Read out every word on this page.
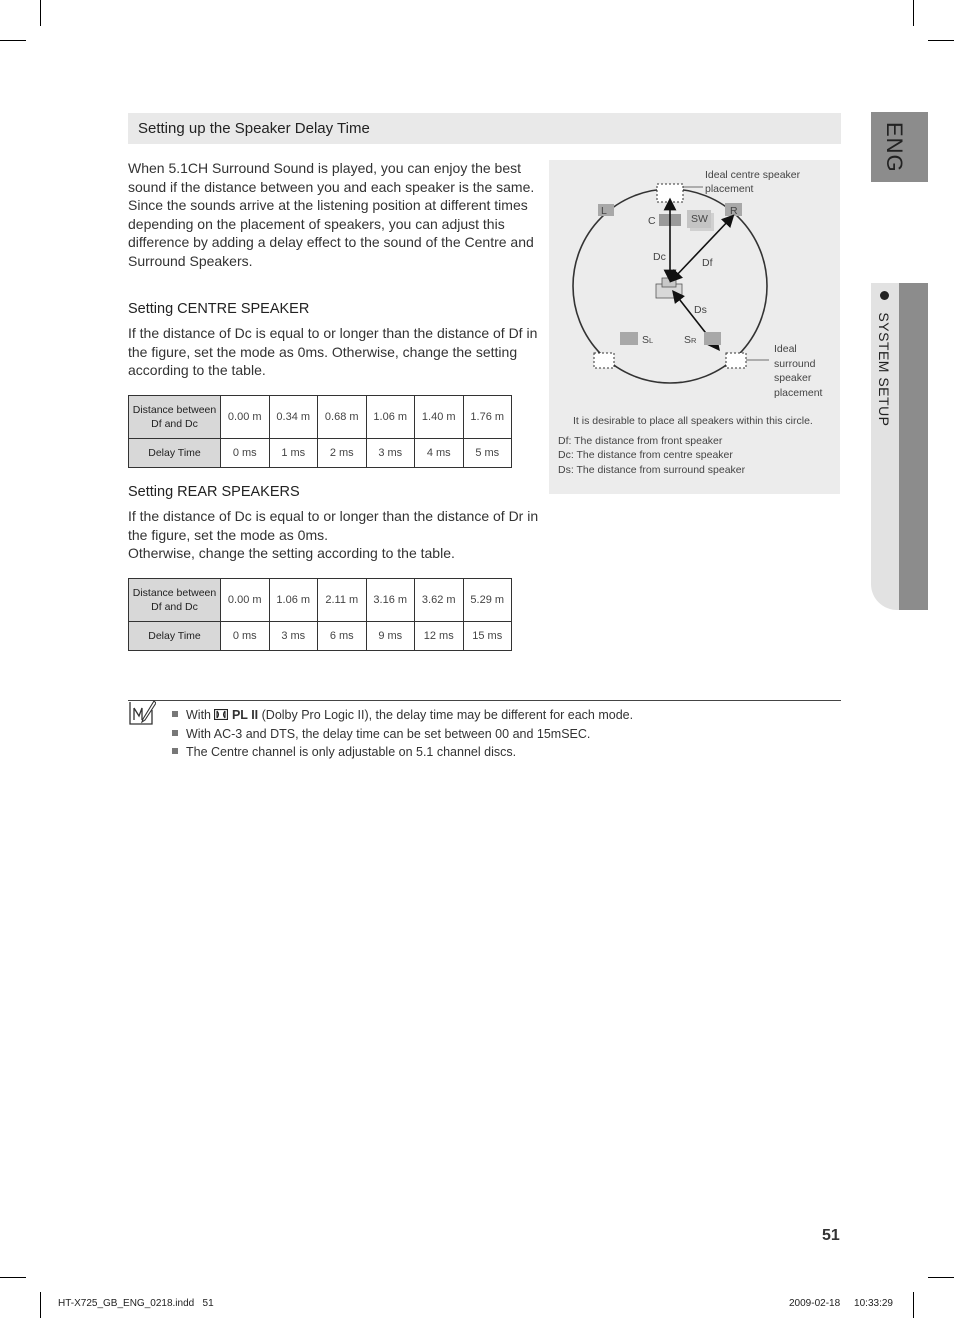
Setting up the Speaker Delay Time

When 5.1CH Surround Sound is played, you can enjoy the best sound if the distance between you and each speaker is the same.

Since the sounds arrive at the listening position at different times depending on the placement of speakers, you can adjust this difference by adding a delay effect to the sound of the Centre and Surround Speakers.

Setting CENTRE SPEAKER
If the distance of Dc is equal to or longer than the distance of Df in the figure, set the mode as 0ms. Otherwise, change the setting according to the table.
Distance between Df and Dc	0.00 m	0.34 m	0.68 m	1.06 m	1.40 m	1.76 m
Delay Time	0 ms	1 ms	2 ms	3 ms	4 ms	5 ms
Setting REAR SPEAKERS

If the distance of Dc is equal to or longer than the distance of Dr in the figure, set the mode as 0ms.

Otherwise, change the setting according to the table.

Distance between Df and Dc	0.00 m	1.06 m	2.11 m	3.16 m	3.62 m	5.29 m
Delay Time	0 ms	3 ms	6 ms	9 ms	12 ms	15 ms
Ideal centre speaker
placement
L
C	SW
R
Dc	Df
Ds
SL	SR
Ideal
surround
speaker
placement
It is desirable to place all speakers within this circle.
Df: The distance from front speaker
Dc: The distance from centre speaker
Ds: The distance from surround speaker
ENG
SYSTEM SETUP
With PL II (Dolby Pro Logic II), the delay time may be different for each mode.
With AC-3 and DTS, the delay time can be set between 00 and 15mSEC.
The Centre channel is only adjustable on 5.1 channel discs.
51
HT-X725_GB_ENG_0218.indd   51	2009-02-18     10:33:29
